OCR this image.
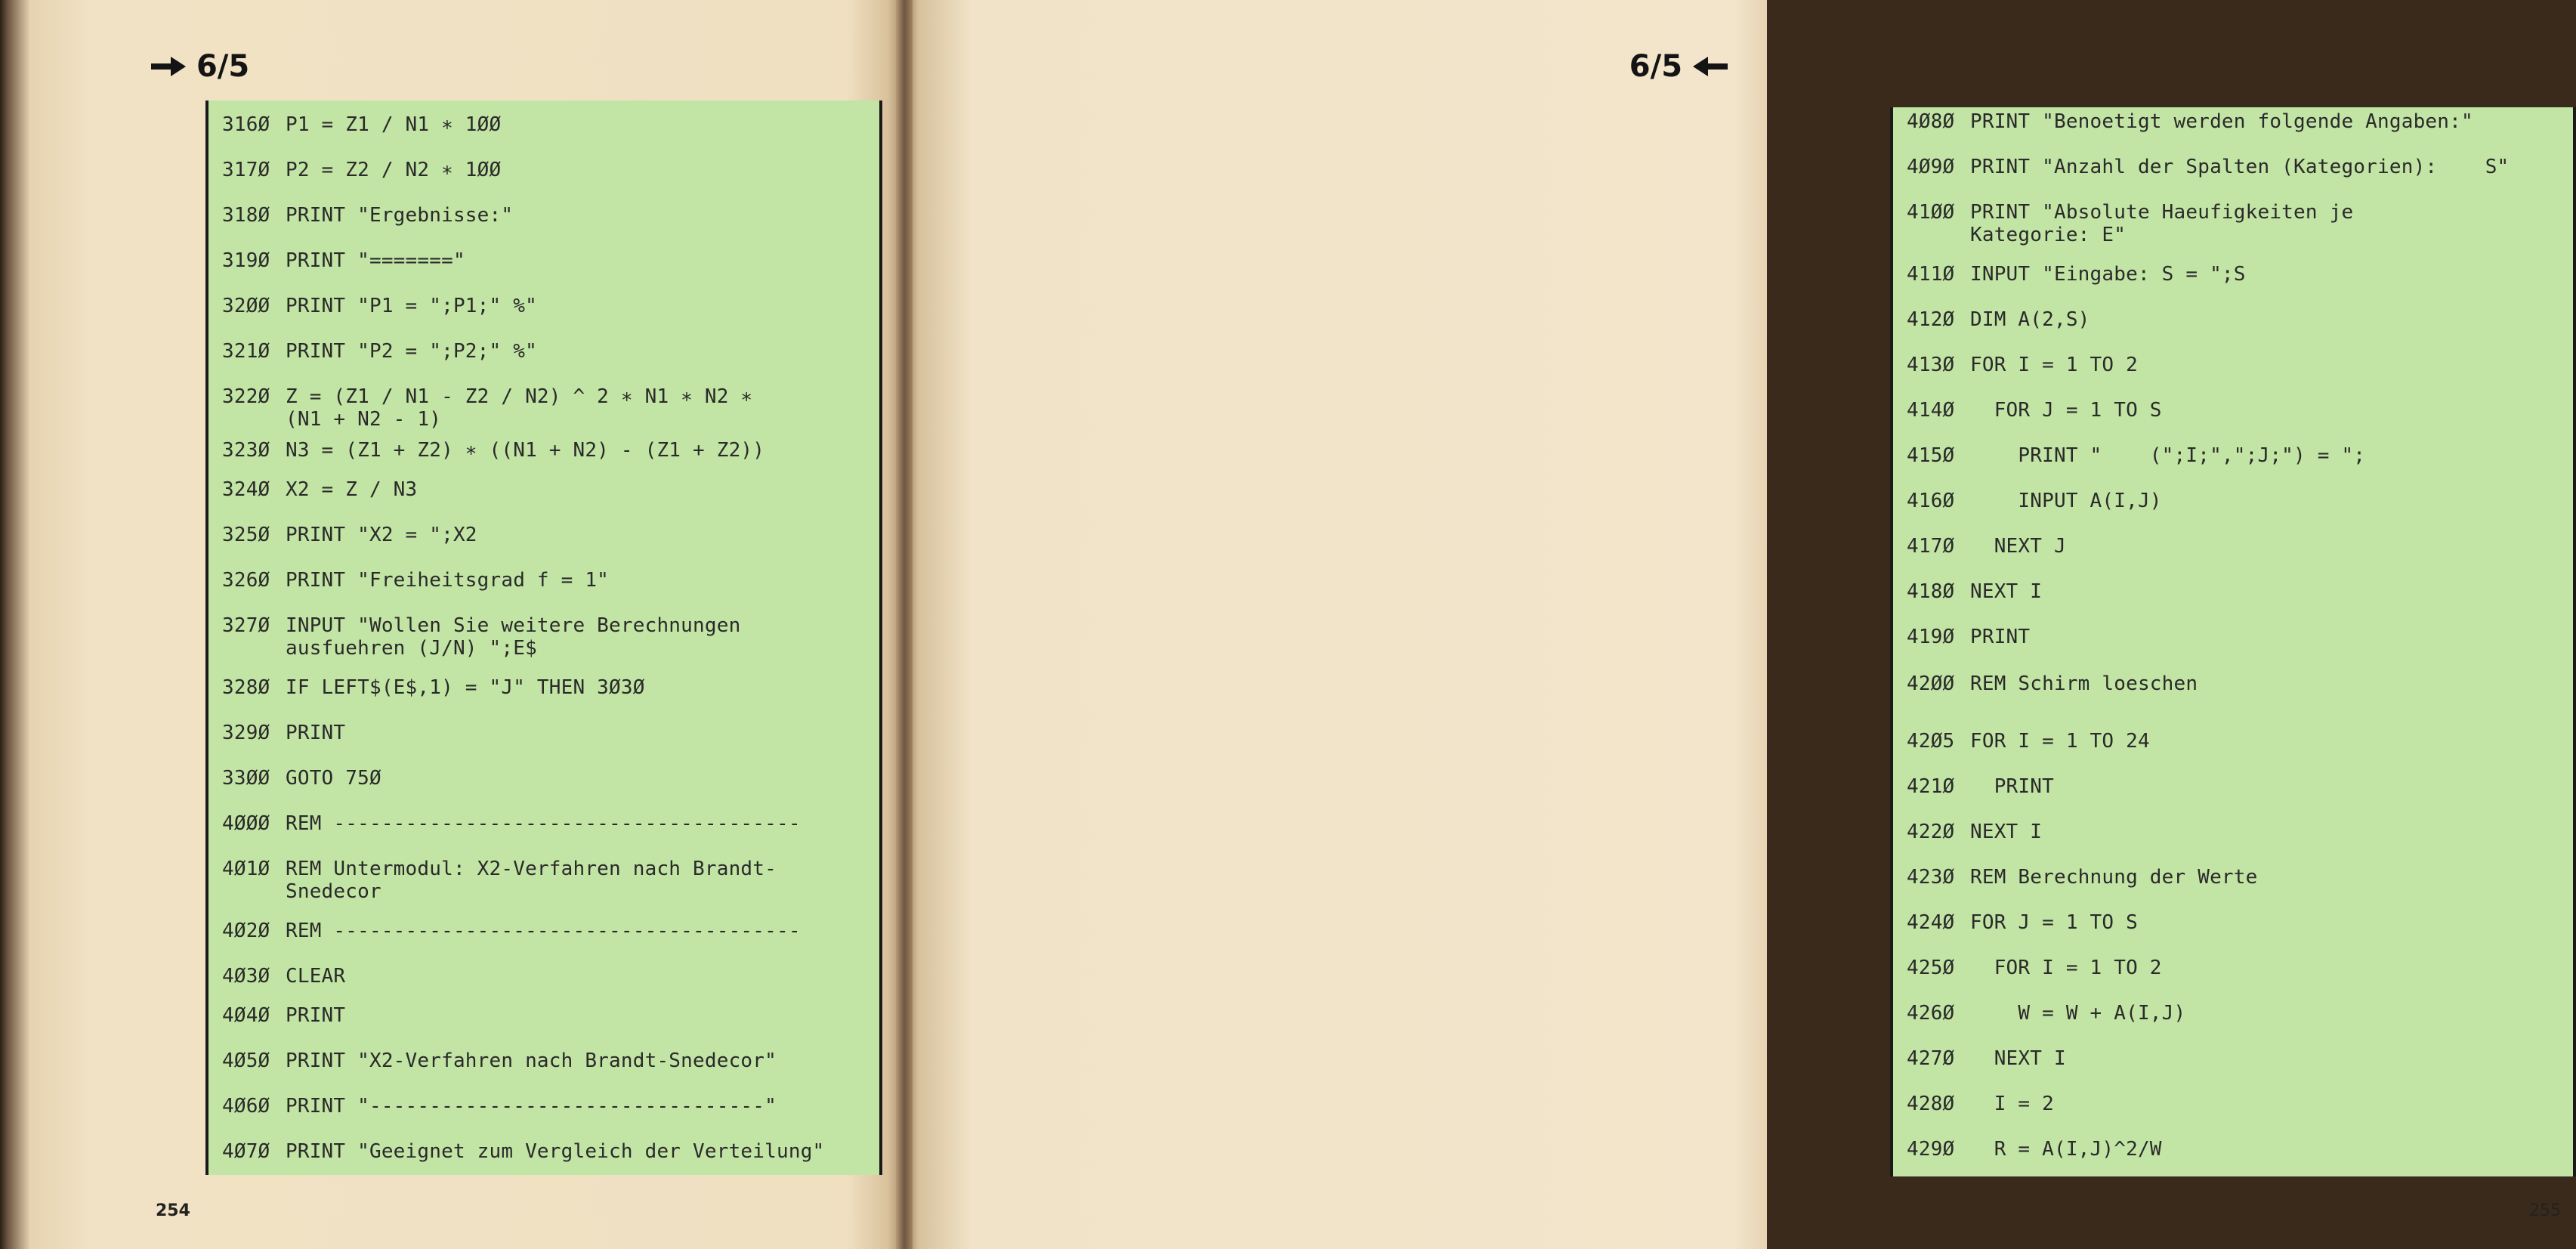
6/5
316Ø P1 = Z1 / N1 ∗ 1ØØ
317Ø P2 = Z2 / N2 ∗ 1ØØ
318Ø PRINT "Ergebnisse:"
319Ø PRINT "======="
32ØØ PRINT "P1 = ";P1;" %"
321Ø PRINT "P2 = ";P2;" %"
322Ø Z = (Z1 / N1 - Z2 / N2) ^ 2 ∗ N1 ∗ N2 ∗
(N1 + N2 - 1)
323Ø N3 = (Z1 + Z2) ∗ ((N1 + N2) - (Z1 + Z2))
324Ø X2 = Z / N3
325Ø PRINT "X2 = ";X2
326Ø PRINT "Freiheitsgrad f = 1"
327Ø INPUT "Wollen Sie weitere Berechnungen
ausfuehren (J/N) ";E$
328Ø IF LEFT$(E$,1) = "J" THEN 3Ø3Ø
329Ø PRINT
33ØØ GOTO 75Ø
4ØØØ REM ---------------------------------------
4Ø1Ø REM Untermodul: X2-Verfahren nach Brandt-
Snedecor
4Ø2Ø REM ---------------------------------------
4Ø3Ø CLEAR
4Ø4Ø PRINT
4Ø5Ø PRINT "X2-Verfahren nach Brandt-Snedecor"
4Ø6Ø PRINT "---------------------------------"
4Ø7Ø PRINT "Geeignet zum Vergleich der Verteilung"
254
6/5
4Ø8Ø PRINT "Benoetigt werden folgende Angaben:"
4Ø9Ø PRINT "Anzahl der Spalten (Kategorien):    S"
41ØØ PRINT "Absolute Haeufigkeiten je
Kategorie: E"
411Ø INPUT "Eingabe: S = ";S
412Ø DIM A(2,S)
413Ø FOR I = 1 TO 2
414Ø  FOR J = 1 TO S
415Ø    PRINT "    (";I;",";J;") = ";
416Ø    INPUT A(I,J)
417Ø  NEXT J
418Ø NEXT I
419Ø PRINT
42ØØ REM Schirm loeschen
42Ø5 FOR I = 1 TO 24
421Ø  PRINT
422Ø NEXT I
423Ø REM Berechnung der Werte
424Ø FOR J = 1 TO S
425Ø  FOR I = 1 TO 2
426Ø    W = W + A(I,J)
427Ø  NEXT I
428Ø  I = 2
429Ø  R = A(I,J)^2/W
255
